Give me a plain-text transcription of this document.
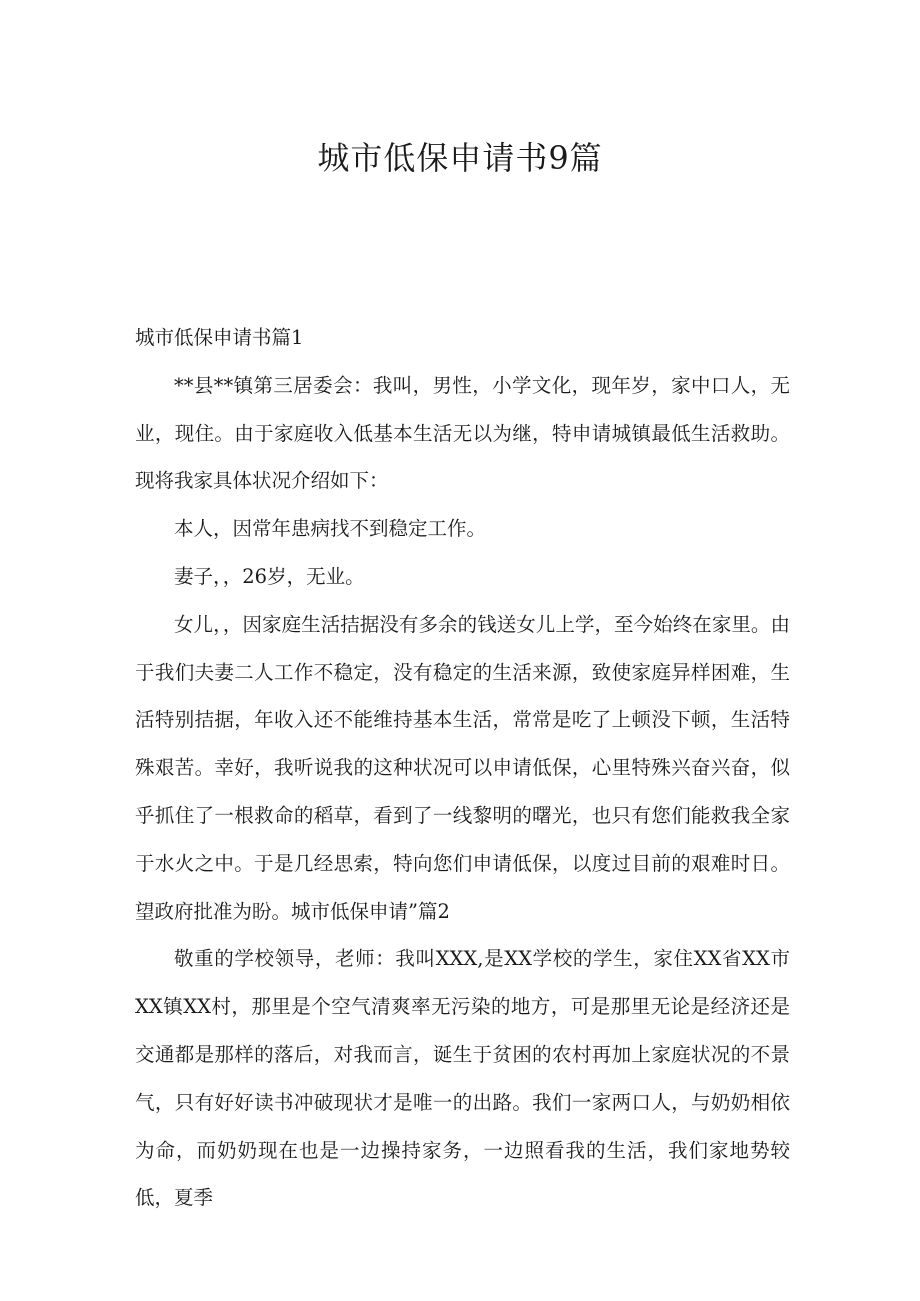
城市低保申请书9篇

城市低保申请书篇1

**县**镇第三居委会：我叫，男性，小学文化，现年岁，家中口人，无业，现住。由于家庭收入低基本生活无以为继，特申请城镇最低生活救助。现将我家具体状况介绍如下：

本人，因常年患病找不到稳定工作。

妻子，，26岁，无业。

女儿，，因家庭生活拮据没有多余的钱送女儿上学，至今始终在家里。由于我们夫妻二人工作不稳定，没有稳定的生活来源，致使家庭异样困难，生活特别拮据，年收入还不能维持基本生活，常常是吃了上顿没下顿，生活特殊艰苦。幸好，我听说我的这种状况可以申请低保，心里特殊兴奋兴奋，似乎抓住了一根救命的稻草，看到了一线黎明的曙光，也只有您们能救我全家于水火之中。于是几经思索，特向您们申请低保，以度过目前的艰难时日。望政府批准为盼。城市低保申请”篇2

敬重的学校领导，老师：我叫XXX,是XX学校的学生，家住XX省XX市XX镇XX村，那里是个空气清爽率无污染的地方，可是那里无论是经济还是交通都是那样的落后，对我而言，诞生于贫困的农村再加上家庭状况的不景气，只有好好读书冲破现状才是唯一的出路。我们一家两口人，与奶奶相依为命，而奶奶现在也是一边操持家务，一边照看我的生活，我们家地势较低，夏季
